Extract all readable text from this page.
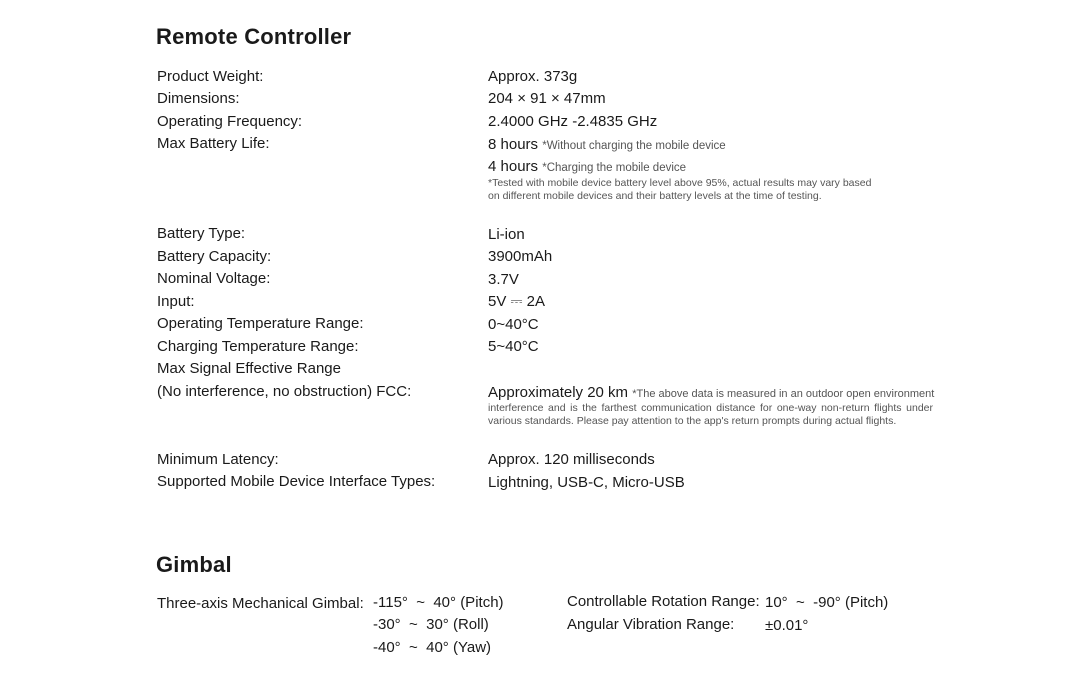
Remote Controller
Product Weight:	Approx. 373g
Dimensions:	204 × 91 × 47mm
Operating Frequency:	2.4000 GHz -2.4835 GHz
Max Battery Life:	8 hours *Without charging the mobile device
4 hours *Charging the mobile device
*Tested with mobile device battery level above 95%, actual results may vary based
on different mobile devices and their battery levels at the time of testing.
Battery Type:	Li-ion
Battery Capacity:	3900mAh
Nominal Voltage:	3.7V
Input:	5V ⎓ 2A
Operating Temperature Range:	0~40°C
Charging Temperature Range:	5~40°C
Max Signal Effective Range
(No interference, no obstruction) FCC:	Approximately 20 km *The above data is measured in an outdoor open environment
interference and is the farthest communication distance for one-way non-return flights under various standards. Please pay attention to the app's return prompts during actual flights.
Minimum Latency:	Approx. 120 milliseconds
Supported Mobile Device Interface Types:	Lightning, USB-C, Micro-USB
Gimbal
Three-axis Mechanical Gimbal: -115°  ~  40° (Pitch)
-30°  ~  30° (Roll)
-40°  ~  40° (Yaw)
Controllable Rotation Range: 10°  ~  -90° (Pitch)
Angular Vibration Range: ±0.01°
